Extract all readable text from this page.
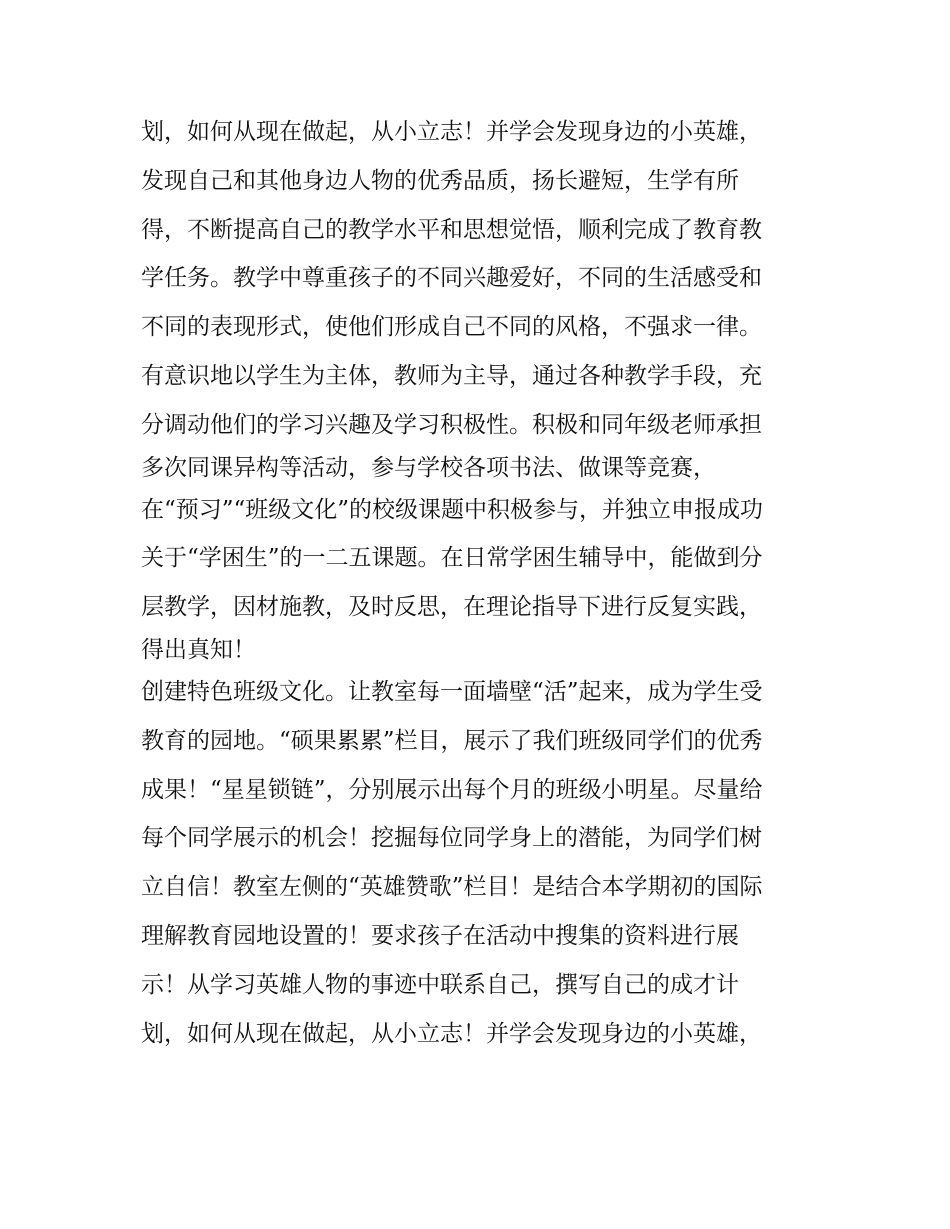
划，如何从现在做起，从小立志！并学会发现身边的小英雄，
发现自己和其他身边人物的优秀品质，扬长避短，生学有所
得，不断提高自己的教学水平和思想觉悟，顺利完成了教育教
学任务。教学中尊重孩子的不同兴趣爱好，不同的生活感受和
不同的表现形式，使他们形成自己不同的风格，不强求一律。
有意识地以学生为主体，教师为主导，通过各种教学手段，充
分调动他们的学习兴趣及学习积极性。积极和同年级老师承担
多次同课异构等活动，参与学校各项书法、做课等竞赛，
在“预习”“班级文化”的校级课题中积极参与，并独立申报成功
关于“学困生”的一二五课题。在日常学困生辅导中，能做到分
层教学，因材施教，及时反思，在理论指导下进行反复实践，
得出真知！
创建特色班级文化。让教室每一面墙壁“活”起来，成为学生受
教育的园地。“硕果累累”栏目，展示了我们班级同学们的优秀
成果！“星星锁链”，分别展示出每个月的班级小明星。尽量给
每个同学展示的机会！挖掘每位同学身上的潜能，为同学们树
立自信！教室左侧的“英雄赞歌”栏目！是结合本学期初的国际
理解教育园地设置的！要求孩子在活动中搜集的资料进行展
示！从学习英雄人物的事迹中联系自己，撰写自己的成才计
划，如何从现在做起，从小立志！并学会发现身边的小英雄，
